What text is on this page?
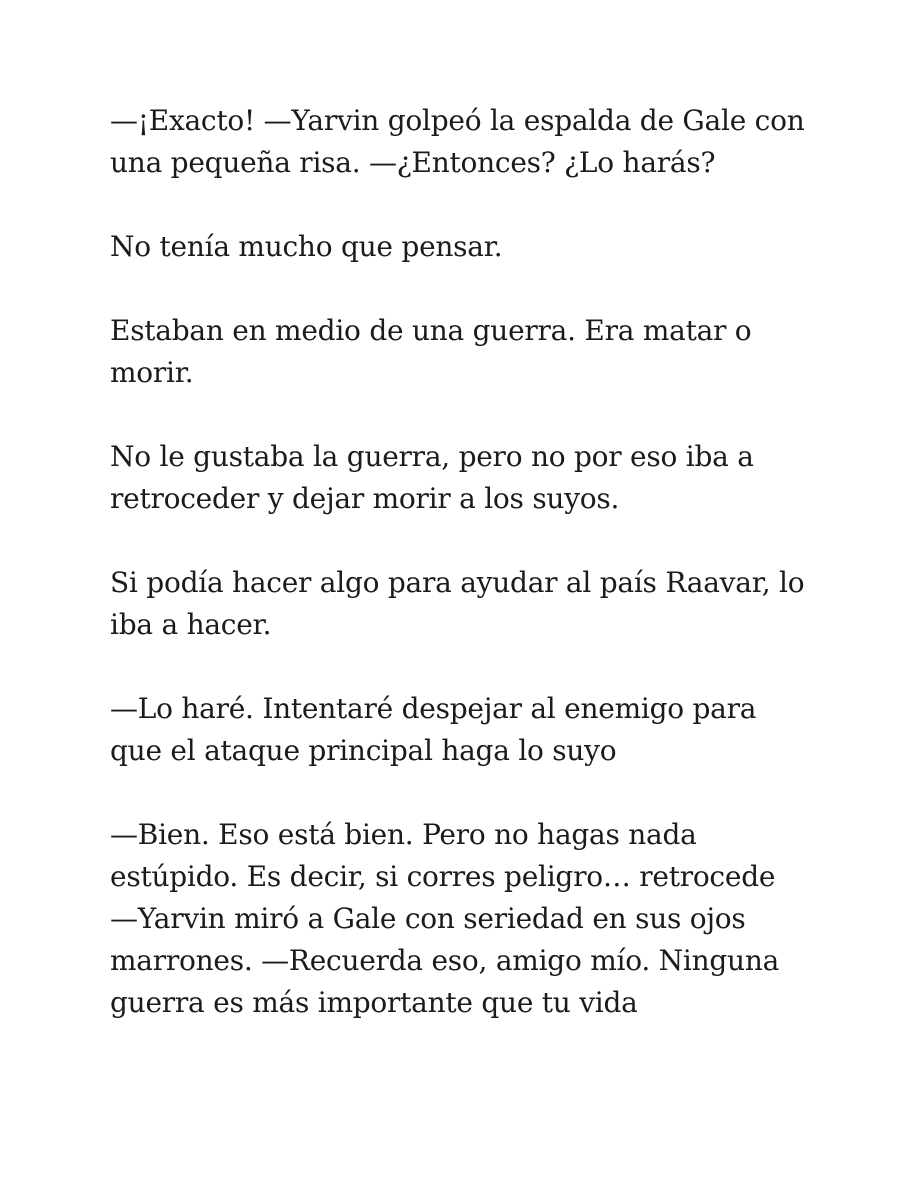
—¡Exacto! —Yarvin golpeó la espalda de Gale con
una pequeña risa. —¿Entonces? ¿Lo harás?

No tenía mucho que pensar.

Estaban en medio de una guerra. Era matar o
morir.

No le gustaba la guerra, pero no por eso iba a
retroceder y dejar morir a los suyos.

Si podía hacer algo para ayudar al país Raavar, lo
iba a hacer.

—Lo haré. Intentaré despejar al enemigo para
que el ataque principal haga lo suyo

—Bien. Eso está bien. Pero no hagas nada
estúpido. Es decir, si corres peligro… retrocede
—Yarvin miró a Gale con seriedad en sus ojos
marrones. —Recuerda eso, amigo mío. Ninguna
guerra es más importante que tu vida
